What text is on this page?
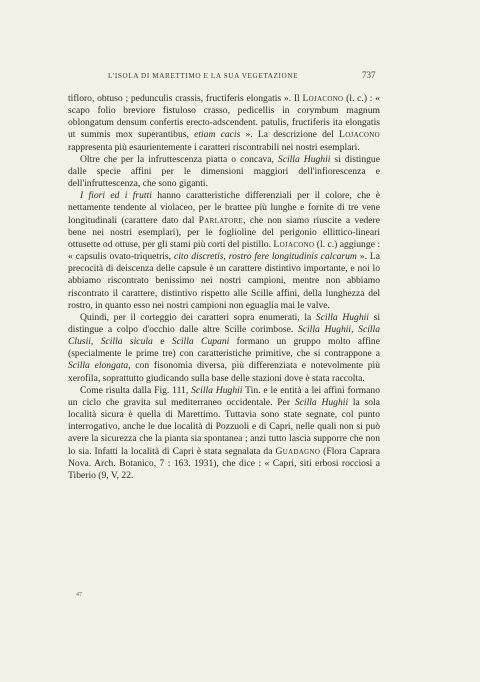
L'ISOLA DI MARETTIMO E LA SUA VEGETAZIONE	737

tifloro, obtuso ; pedunculis crassis, fructiferis elongatis ». Il Lojacono (l. c.) : « scapo folio breviore fistuloso crasso, pedicellis in corymbum magnum oblongatum densum confertis erecto-adscendent. patulis, fructiferis ita elongatis ut summis mox superantibus, etiam cacis ». La descrizione del Lojacono rappresenta più esaurientemente i caratteri riscontrabili nei nostri esemplari.

Oltre che per la infruttescenza piatta o concava, Scilla Hughii si distingue dalle specie affini per le dimensioni maggiori dell'infiorescenza e dell'infruttescenza, che sono giganti.

I fiori ed i frutti hanno caratteristiche differenziali per il colore, che è nettamente tendente al violaceo, per le brattee più lunghe e fornite di tre vene longitudinali (carattere dato dal Parlatore, che non siamo riuscite a vedere bene nei nostri esemplari), per le foglioline del perigonio ellittico-lineari ottusette od ottuse, per gli stami più corti del pistillo. Lojacono (l. c.) aggiunge : « capsulis ovato-triquetris, cito discretis, rostro fere longitudinis calcarum ». La precocità di deiscenza delle capsule è un carattere distintivo importante, e noi lo abbiamo riscontrato benissimo nei nostri campioni, mentre non abbiamo riscontrato il carattere, distintivo rispetto alle Scille affini, della lunghezza del rostro, in quanto esso nei nostri campioni non eguaglia mai le valve.

Quindi, per il corteggio dei caratteri sopra enumerati, la Scilla Hughii si distingue a colpo d'occhio dalle altre Scille corimbose. Scilla Hughii, Scilla Clusii, Scilla sicula e Scilla Cupani formano un gruppo molto affine (specialmente le prime tre) con caratteristiche primitive, che si contrappone a Scilla elongata, con fisonomia diversa, più differenziata e notevolmente più xerofila, soprattutto giudicando sulla base delle stazioni dove è stata raccolta.

Come risulta dalla Fig. 111, Scilla Hughii Tin. e le entità a lei affini formano un ciclo che gravita sul mediterraneo occidentale. Per Scilla Hughii la sola località sicura è quella di Marettimo. Tuttavia sono state segnate, col punto interrogativo, anche le due località di Pozzuoli e di Capri, nelle quali non si può avere la sicurezza che la pianta sia spontanea ; anzi tutto lascia supporre che non lo sia. Infatti la località di Capri è stata segnalata da Guadagno (Flora Caprara Nova. Arch. Botanico, 7 : 163. 1931), che dice : « Capri, siti erbosi rocciosi a Tiberio (9, V, 22.

47
